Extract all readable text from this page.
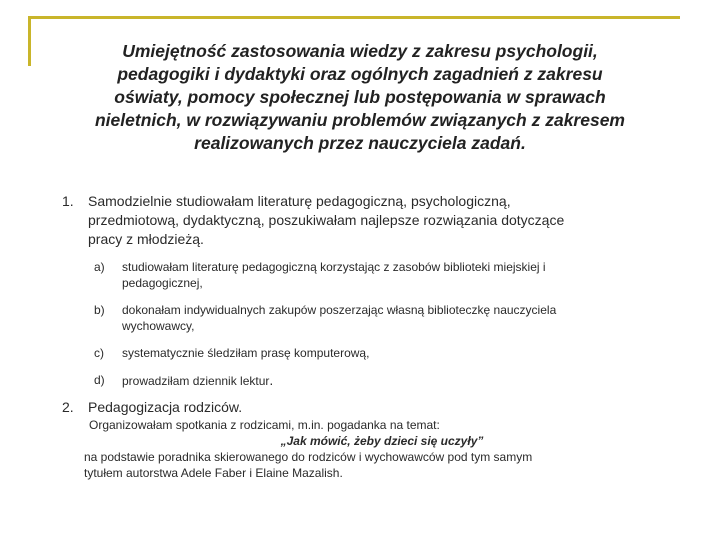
Umiejętność zastosowania wiedzy z zakresu psychologii,
pedagogiki i dydaktyki oraz ogólnych zagadnień z zakresu
oświaty, pomocy społecznej lub postępowania w sprawach
nieletnich, w rozwiązywaniu problemów związanych z zakresem
realizowanych przez nauczyciela zadań.
1. Samodzielnie studiowałam literaturę pedagogiczną, psychologiczną,
przedmiotową, dydaktyczną, poszukiwałam najlepsze rozwiązania dotyczące
pracy z młodzieżą.
a) studiowałam literaturę pedagogiczną korzystając z zasobów biblioteki miejskiej i
pedagogicznej,
b) dokonałam indywidualnych zakupów poszerzając własną biblioteczkę nauczyciela
wychowawcy,
c) systematycznie śledziłam prasę komputerową,
d) prowadziłam dziennik lektur.
2. Pedagogizacja rodziców.
Organizowałam spotkania z rodzicami, m.in. pogadanka na temat:
„Jak mówić, żeby dzieci się uczyły”
na podstawie poradnika skierowanego do rodziców i wychowawców pod tym samym
tytułem autorstwa Adele Faber i Elaine Mazalish.
